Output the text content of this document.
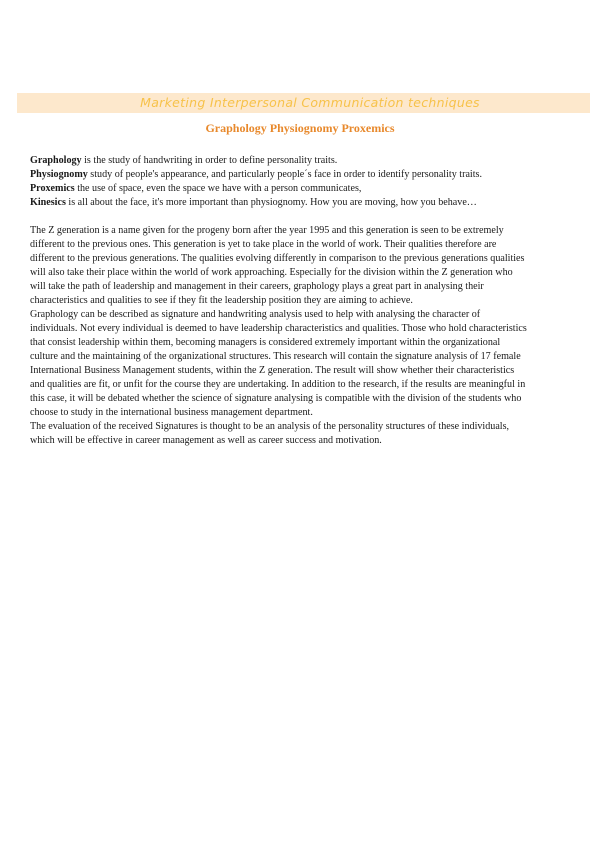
Marketing Interpersonal Communication techniques
Graphology Physiognomy Proxemics

Graphology is the study of handwriting in order to define personality traits.

Physiognomy study of people's appearance, and particularly people´s face in order to identify personality traits.

Proxemics the use of space, even the space we have with a person communicates,

Kinesics is all about the face, it's more important than physiognomy. How you are moving, how you behave…

The Z generation is a name given for the progeny born after the year 1995 and this generation is seen to be extremely different to the previous ones. This generation is yet to take place in the world of work. Their qualities therefore are different to the previous generations. The qualities evolving differently in comparison to the previous generations qualities will also take their place within the world of work approaching. Especially for the division within the Z generation who will take the path of leadership and management in their careers, graphology plays a great part in analysing their characteristics and qualities to see if they fit the leadership position they are aiming to achieve.

Graphology can be described as signature and handwriting analysis used to help with analysing the character of individuals. Not every individual is deemed to have leadership characteristics and qualities. Those who hold characteristics that consist leadership within them, becoming managers is considered extremely important within the organizational culture and the maintaining of the organizational structures. This research will contain the signature analysis of 17 female International Business Management students, within the Z generation. The result will show whether their characteristics and qualities are fit, or unfit for the course they are undertaking. In addition to the research, if the results are meaningful in this case, it will be debated whether the science of signature analysing is compatible with the division of the students who choose to study in the international business management department.

The evaluation of the received Signatures is thought to be an analysis of the personality structures of these individuals, which will be effective in career management as well as career success and motivation.
